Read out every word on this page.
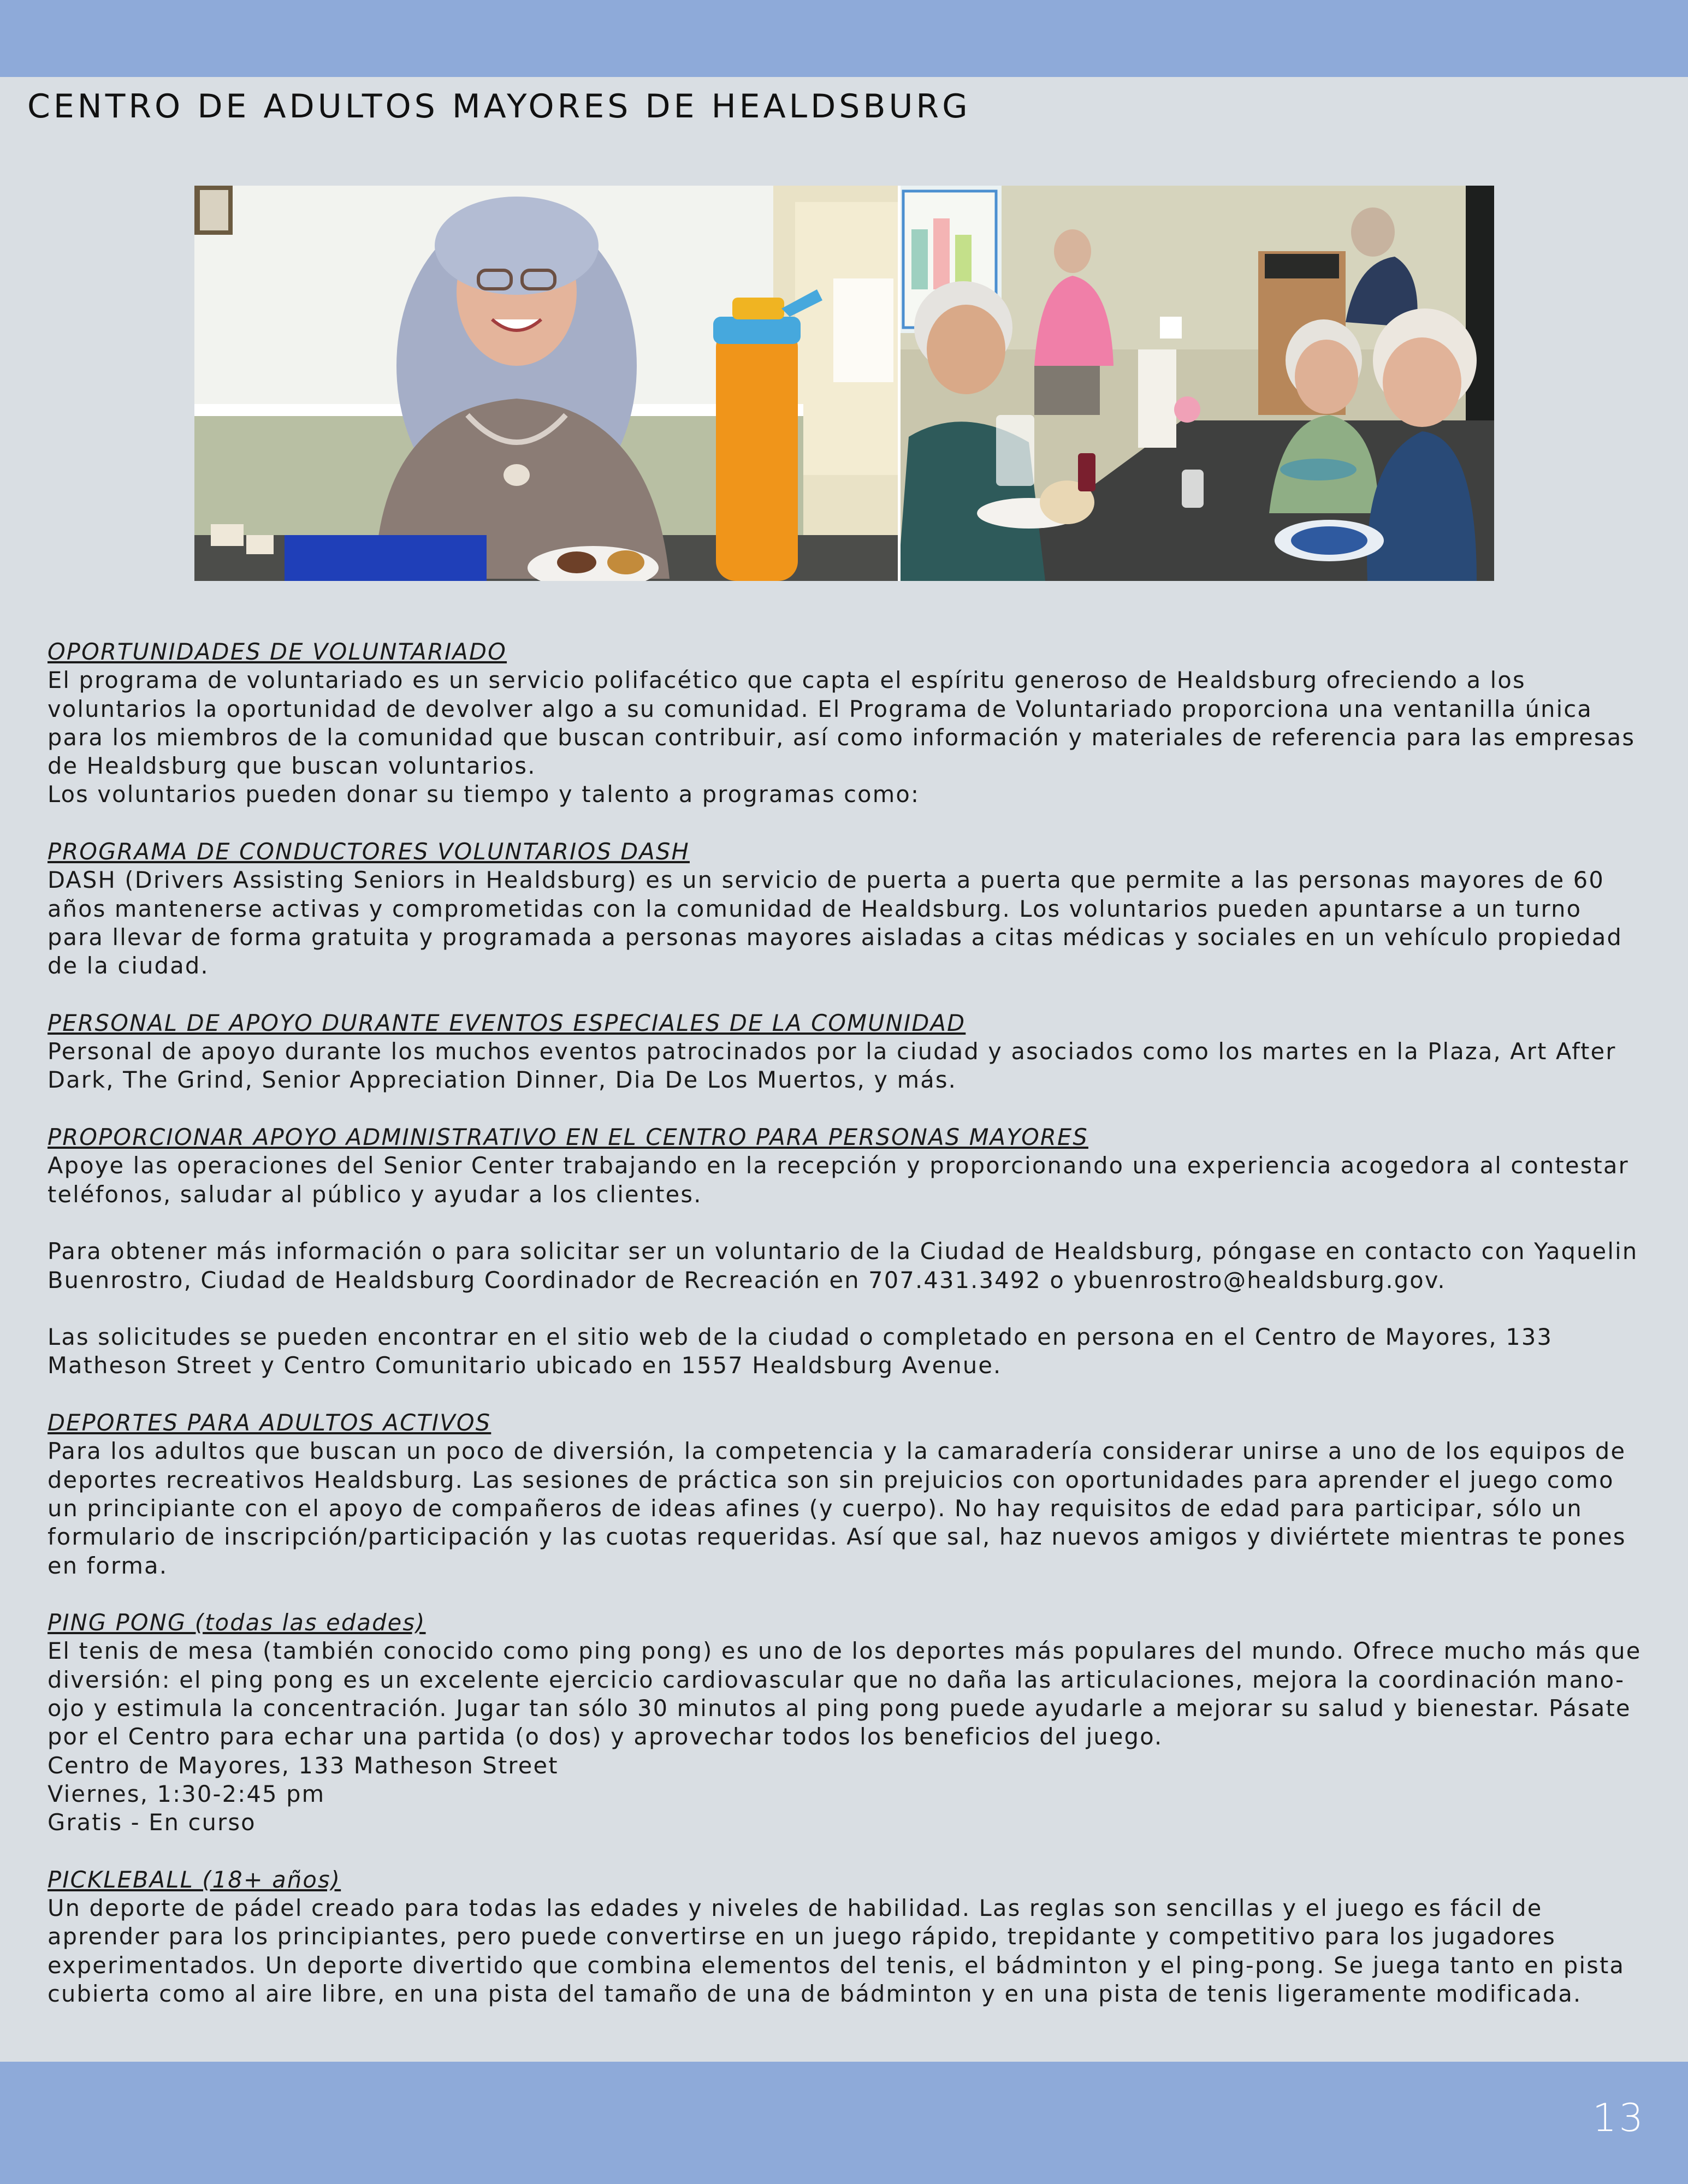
CENTRO DE ADULTOS MAYORES DE HEALDSBURG

OPORTUNIDADES DE VOLUNTARIADO

El programa de voluntariado es un servicio polifacético que capta el espíritu generoso de Healdsburg ofreciendo a los voluntarios la oportunidad de devolver algo a su comunidad. El Programa de Voluntariado proporciona una ventanilla única para los miembros de la comunidad que buscan contribuir, así como información y materiales de referencia para las empresas de Healdsburg que buscan voluntarios.

Los voluntarios pueden donar su tiempo y talento a programas como:

PROGRAMA DE CONDUCTORES VOLUNTARIOS DASH

DASH (Drivers Assisting Seniors in Healdsburg) es un servicio de puerta a puerta que permite a las personas mayores de 60 años mantenerse activas y comprometidas con la comunidad de Healdsburg. Los voluntarios pueden apuntarse a un turno para llevar de forma gratuita y programada a personas mayores aisladas a citas médicas y sociales en un vehículo propiedad de la ciudad.

PERSONAL DE APOYO DURANTE EVENTOS ESPECIALES DE LA COMUNIDAD

Personal de apoyo durante los muchos eventos patrocinados por la ciudad y asociados como los martes en la Plaza, Art After Dark, The Grind, Senior Appreciation Dinner, Dia De Los Muertos, y más.

PROPORCIONAR APOYO ADMINISTRATIVO EN EL CENTRO PARA PERSONAS MAYORES

Apoye las operaciones del Senior Center trabajando en la recepción y proporcionando una experiencia acogedora al contestar teléfonos, saludar al público y ayudar a los clientes.

Para obtener más información o para solicitar ser un voluntario de la Ciudad de Healdsburg, póngase en contacto con Yaquelin Buenrostro, Ciudad de Healdsburg Coordinador de Recreación en 707.431.3492 o ybuenrostro@healdsburg.gov.

Las solicitudes se pueden encontrar en el sitio web de la ciudad o completado en persona en el Centro de Mayores, 133 Matheson Street y Centro Comunitario ubicado en 1557 Healdsburg Avenue.

DEPORTES PARA ADULTOS ACTIVOS

Para los adultos que buscan un poco de diversión, la competencia y la camaradería considerar unirse a uno de los equipos de deportes recreativos Healdsburg. Las sesiones de práctica son sin prejuicios con oportunidades para aprender el juego como un principiante con el apoyo de compañeros de ideas afines (y cuerpo). No hay requisitos de edad para participar, sólo un formulario de inscripción/participación y las cuotas requeridas. Así que sal, haz nuevos amigos y diviértete mientras te pones en forma.

PING PONG (todas las edades)

El tenis de mesa (también conocido como ping pong) es uno de los deportes más populares del mundo. Ofrece mucho más que diversión: el ping pong es un excelente ejercicio cardiovascular que no daña las articulaciones, mejora la coordinación mano-ojo y estimula la concentración. Jugar tan sólo 30 minutos al ping pong puede ayudarle a mejorar su salud y bienestar. Pásate por el Centro para echar una partida (o dos) y aprovechar todos los beneficios del juego.

Centro de Mayores, 133 Matheson Street

Viernes, 1:30-2:45 pm

Gratis - En curso

PICKLEBALL (18+ años)

Un deporte de pádel creado para todas las edades y niveles de habilidad. Las reglas son sencillas y el juego es fácil de aprender para los principiantes, pero puede convertirse en un juego rápido, trepidante y competitivo para los jugadores experimentados. Un deporte divertido que combina elementos del tenis, el bádminton y el ping-pong. Se juega tanto en pista cubierta como al aire libre, en una pista del tamaño de una de bádminton y en una pista de tenis ligeramente modificada.

13
